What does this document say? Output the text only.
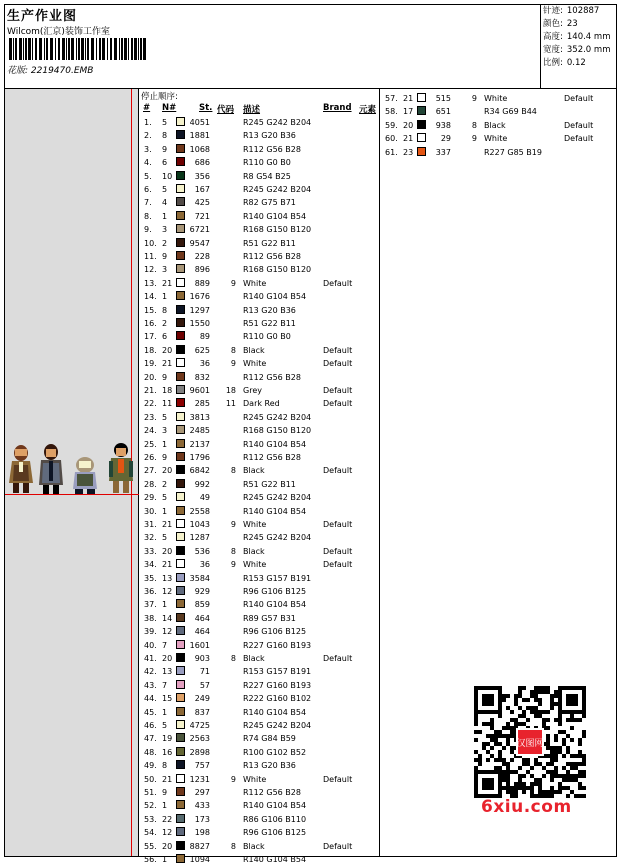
生产作业图
Wilcom(汇京)装饰工作室
花版: 2219470.EMB
针迹: 102887
颜色: 23
高度: 140.4 mm
宽度: 352.0 mm
比例: 0.12
停止顺序:
# N#	St. 代码 描述	Brand 元素
1. 5	4051	R245 G242 B204
2. 8	1881	R13 G20 B36
3. 9	1068	R112 G56 B28
4. 6	686	R110 G0 B0
5. 10	356	R8 G54 B25
6. 5	167	R245 G242 B204
7. 4	425	R82 G75 B71
8. 1	721	R140 G104 B54
9. 3	6721	R168 G150 B120
10. 2	9547	R51 G22 B11
11. 9	228	R112 G56 B28
12. 3	896	R168 G150 B120
13. 21	889	9 White	Default
14. 1	1676	R140 G104 B54
15. 8	1297	R13 G20 B36
16. 2	1550	R51 G22 B11
17. 6	89	R110 G0 B0
18. 20	625	8 Black	Default
19. 21	36	9 White	Default
20. 9	832	R112 G56 B28
21. 18 9601	18 Grey	Default
22. 11	285	11 Dark Red	Default
23. 5	3813	R245 G242 B204
24. 3	2485	R168 G150 B120
25. 1	2137	R140 G104 B54
26. 9	1796	R112 G56 B28
27. 20 6842	8 Black	Default
28. 2	992	R51 G22 B11
29. 5	49	R245 G242 B204
30. 1	2558	R140 G104 B54
31. 21 1043	9 White	Default
32. 5	1287	R245 G242 B204
33. 20	536	8 Black	Default
34. 21	36	9 White	Default
35. 13 3584	R153 G157 B191
36. 12	929	R96 G106 B125
37. 1	859	R140 G104 B54
38. 14	464	R89 G57 B31
39. 12	464	R96 G106 B125
40. 7	1601	R227 G160 B193
41. 20	903	8 Black	Default
42. 13	71	R153 G157 B191
43. 7	57	R227 G160 B193
44. 15	249	R222 G160 B102
45. 1	837	R140 G104 B54
46. 5	4725	R245 G242 B204
47. 19 2563	R74 G84 B59
48. 16 2898	R100 G102 B52
49. 8	757	R13 G20 B36
50. 21 1231	9 White	Default
51. 9	297	R112 G56 B28
52. 1	433	R140 G104 B54
53. 22	173	R86 G106 B110
54. 12	198	R96 G106 B125
55. 20 8827	8 Black	Default
56. 1	1094	R140 G104 B54
57. 21	515	9 White	Default
58. 17	651	R34 G69 B44
59. 20	938	8 Black	Default
60. 21	29	9 White	Default
61. 23	337	R227 G85 B19
汉图网
6xiu.com
